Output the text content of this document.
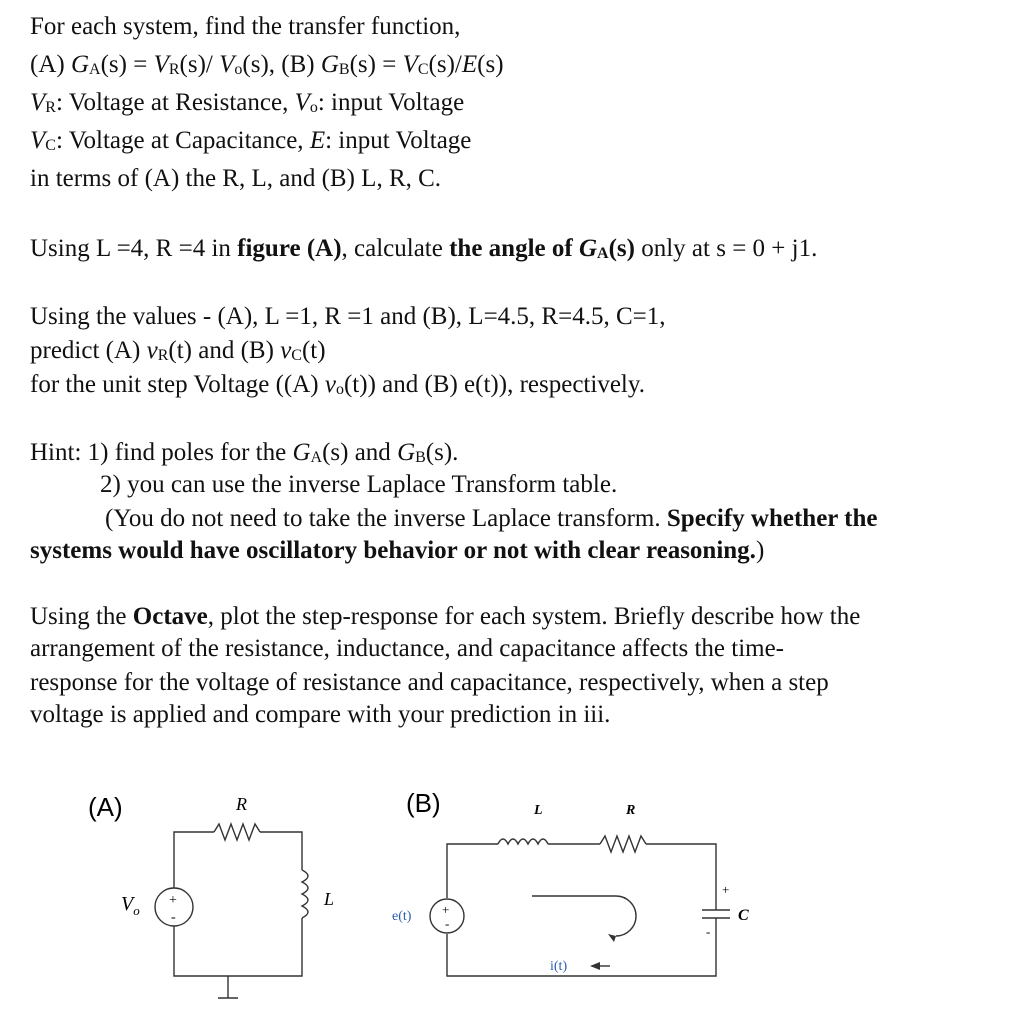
For each system, find the transfer function,
(A) $G_A(s) = V_R(s)/$ $V_o(s)$, (B) $G_B(s) = V_C(s)/E(s)$
$V_R$: Voltage at Resistance, $V_o$: input Voltage
$V_C$: Voltage at Capacitance, E: input Voltage
in terms of (A) the R, L, and (B) L, R, C.
Using L =4, R =4 in figure (A), calculate the angle of $G_A(s)$ only at s = 0 + j1.
Using the values - (A), L =1, R =1 and (B), L=4.5, R=4.5, C=1,
predict (A) $v_R(t)$ and (B) $v_C(t)$
for the unit step Voltage ((A) $v_o(t)$) and (B) e(t)), respectively.
Hint: 1) find poles for the $G_A(s)$ and $G_B(s)$.
2) you can use the inverse Laplace Transform table.
(You do not need to take the inverse Laplace transform. Specify whether the
systems would have oscillatory behavior or not with clear reasoning.)
Using the Octave, plot the step-response for each system. Briefly describe how the
arrangement of the resistance, inductance, and capacitance affects the time-
response for the voltage of resistance and capacitance, respectively, when a step
voltage is applied and compare with your prediction in iii.
(A)	R
+
-
L
$V_o$
(B)	L	R
+
-
+
-
C
e(t)
i(t)
